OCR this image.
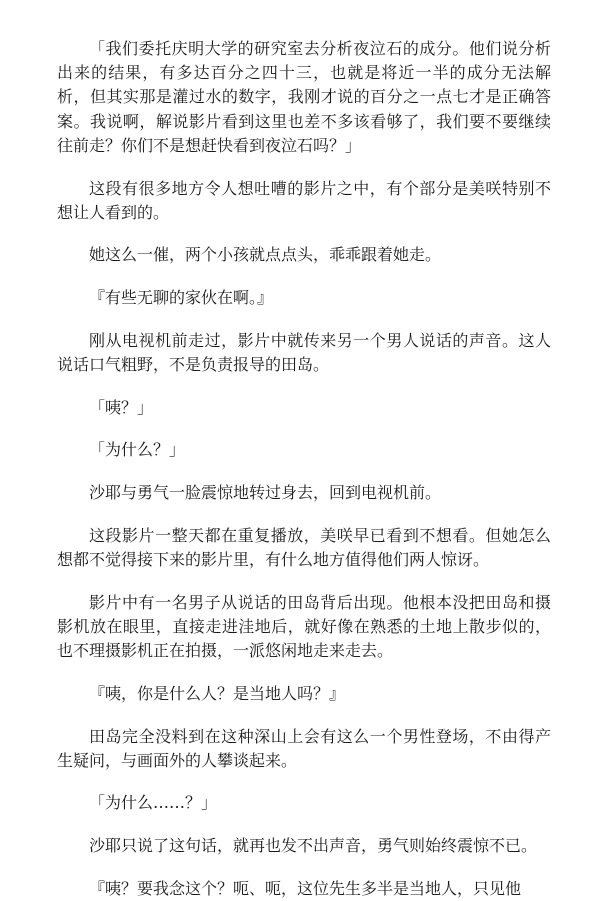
「我们委托庆明大学的研究室去分析夜泣石的成分。他们说分析出来的结果，有多达百分之四十三，也就是将近一半的成分无法解析，但其实那是灌过水的数字，我刚才说的百分之一点七才是正确答案。我说啊，解说影片看到这里也差不多该看够了，我们要不要继续往前走？你们不是想赶快看到夜泣石吗？」

这段有很多地方令人想吐嘈的影片之中，有个部分是美咲特别不想让人看到的。

她这么一催，两个小孩就点点头，乖乖跟着她走。

『有些无聊的家伙在啊。』

刚从电视机前走过，影片中就传来另一个男人说话的声音。这人说话口气粗野，不是负责报导的田岛。

「咦？」

「为什么？」

沙耶与勇气一脸震惊地转过身去，回到电视机前。

这段影片一整天都在重复播放，美咲早已看到不想看。但她怎么想都不觉得接下来的影片里，有什么地方值得他们两人惊讶。

影片中有一名男子从说话的田岛背后出现。他根本没把田岛和摄影机放在眼里，直接走进洼地后，就好像在熟悉的土地上散步似的，也不理摄影机正在拍摄，一派悠闲地走来走去。

『咦，你是什么人？是当地人吗？』

田岛完全没料到在这种深山上会有这么一个男性登场，不由得产生疑问，与画面外的人攀谈起来。

「为什么……？」

沙耶只说了这句话，就再也发不出声音，勇气则始终震惊不已。

『咦？要我念这个？呃、呃，这位先生多半是当地人，只见他
